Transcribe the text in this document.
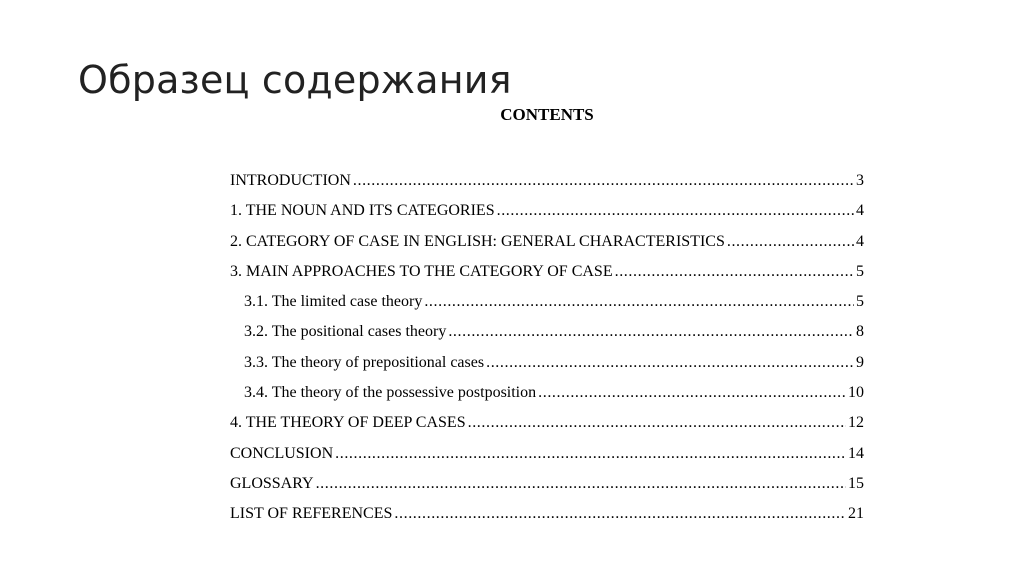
Образец содержания
CONTENTS
INTRODUCTION .....	3
1. THE NOUN AND ITS CATEGORIES .....	4
2. CATEGORY OF CASE IN ENGLISH: GENERAL CHARACTERISTICS .....	4
3. MAIN APPROACHES TO THE CATEGORY OF CASE .....	5
3.1. The limited case theory .....	5
3.2. The positional cases theory .....	8
3.3. The theory of prepositional cases .....	9
3.4. The theory of the possessive postposition .....	10
4. THE THEORY OF DEEP CASES .....	12
CONCLUSION .....	14
GLOSSARY .....	15
LIST OF REFERENCES .....	21
